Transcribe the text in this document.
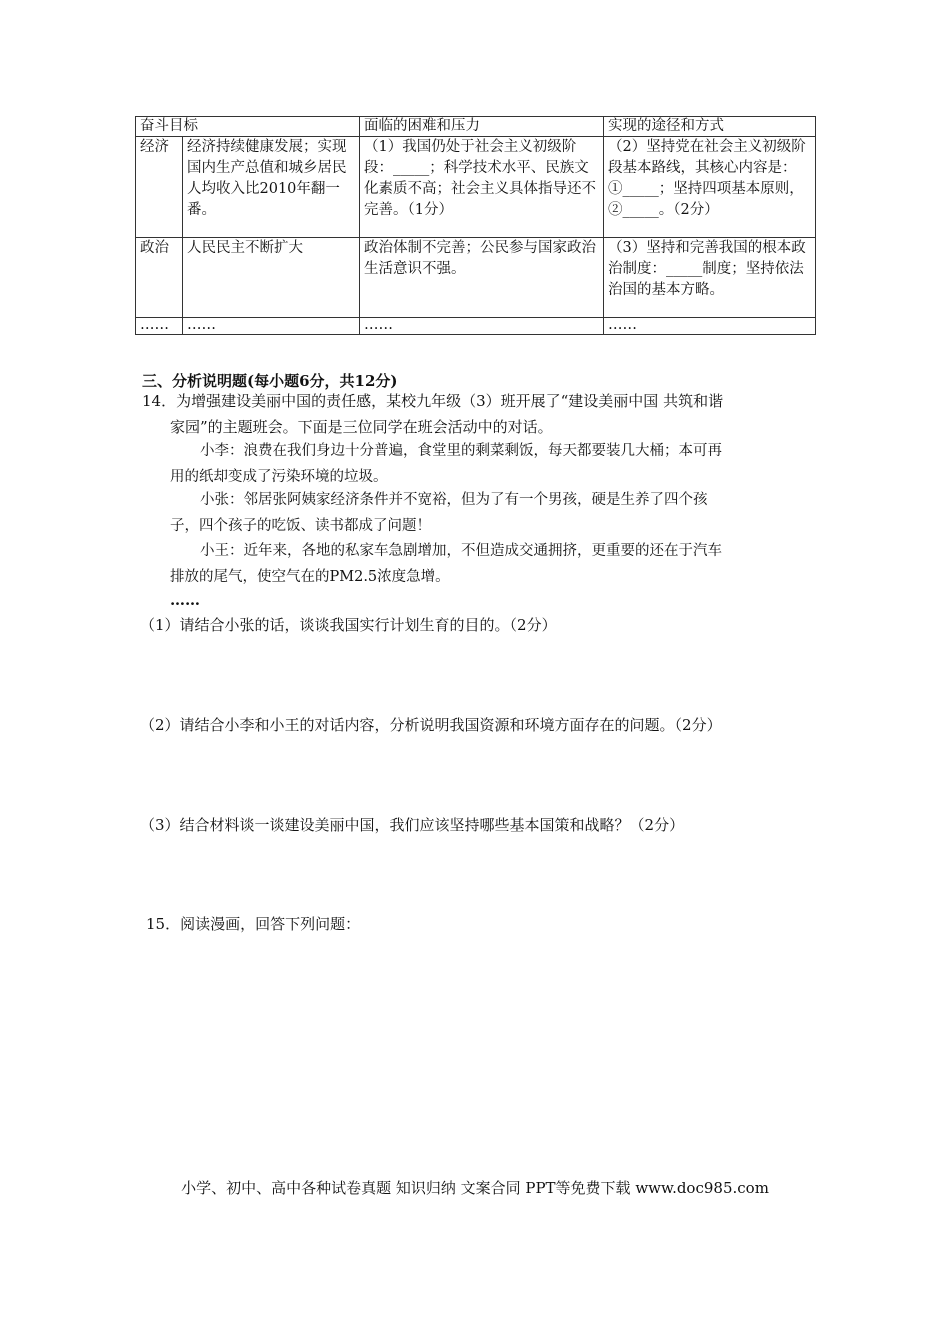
奋斗目标		面临的困难和压力	实现的途径和方式
经济	经济持续健康发展；实现国内生产总值和城乡居民人均收入比2010年翻一番。	（1）我国仍处于社会主义初级阶段：_____；科学技术水平、民族文化素质不高；社会主义具体指导还不完善。（1分）	（2）坚持党在社会主义初级阶段基本路线，其核心内容是：①_____；坚持四项基本原则，②_____。（2分）
政治	人民民主不断扩大	政治体制不完善；公民参与国家政治生活意识不强。	（3）坚持和完善我国的根本政治制度：_____制度；坚持依法治国的基本方略。
……	……	……	……
三、分析说明题(每小题6分，共12分)
14．为增强建设美丽中国的责任感，某校九年级（3）班开展了“建设美丽中国 共筑和谐
家园”的主题班会。下面是三位同学在班会活动中的对话。
小李：浪费在我们身边十分普遍，食堂里的剩菜剩饭，每天都要装几大桶；本可再
用的纸却变成了污染环境的垃圾。
小张：邻居张阿姨家经济条件并不宽裕，但为了有一个男孩，硬是生养了四个孩
子，四个孩子的吃饭、读书都成了问题！
小王：近年来，各地的私家车急剧增加，不但造成交通拥挤，更重要的还在于汽车
排放的尾气，使空气在的PM2.5浓度急增。
……
（1）请结合小张的话，谈谈我国实行计划生育的目的。（2分）
（2）请结合小李和小王的对话内容，分析说明我国资源和环境方面存在的问题。（2分）
（3）结合材料谈一谈建设美丽中国，我们应该坚持哪些基本国策和战略？（2分）
15．阅读漫画，回答下列问题：
小学、初中、高中各种试卷真题 知识归纳 文案合同 PPT等免费下载 www.doc985.com
